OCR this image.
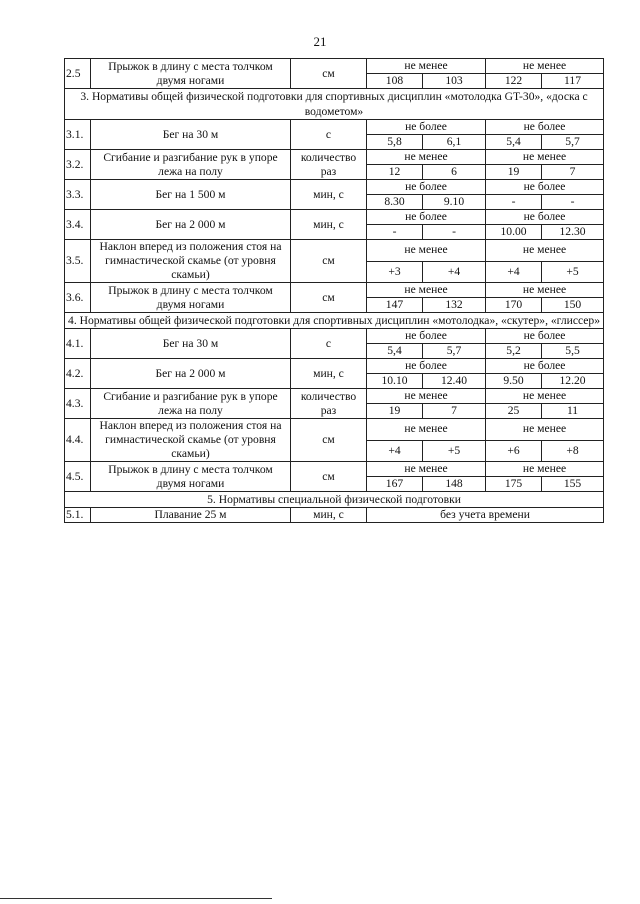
21
2.5	Прыжок в длину с места толчком двумя ногами	см	не менее		не менее	
			108	103	122	117
3. Нормативы общей физической подготовки для спортивных дисциплин «мотолодка GT-30», «доска с водометом»						
3.1.	Бег на 30 м	с	не более		не более	
			5,8	6,1	5,4	5,7
3.2.	Сгибание и разгибание рук в упоре лежа на полу	количество раз	не менее		не менее	
			12	6	19	7
3.3.	Бег на 1 500 м	мин, с	не более		не более	
			8.30	9.10	-	-
3.4.	Бег на 2 000 м	мин, с	не более		не более	
			-	-	10.00	12.30
3.5.	Наклон вперед из положения стоя на гимнастической скамье (от уровня скамьи)	см	не менее		не менее	
			+3	+4	+4	+5
3.6.	Прыжок в длину с места толчком двумя ногами	см	не менее		не менее	
			147	132	170	150
4. Нормативы общей физической подготовки для спортивных дисциплин «мотолодка», «скутер», «глиссер»						
4.1.	Бег на 30 м	с	не более		не более	
			5,4	5,7	5,2	5,5
4.2.	Бег на 2 000 м	мин, с	не более		не более	
			10.10	12.40	9.50	12.20
4.3.	Сгибание и разгибание рук в упоре лежа на полу	количество раз	не менее		не менее	
			19	7	25	11
4.4.	Наклон вперед из положения стоя на гимнастической скамье (от уровня скамьи)	см	не менее		не менее	
			+4	+5	+6	+8
4.5.	Прыжок в длину с места толчком двумя ногами	см	не менее		не менее	
			167	148	175	155
5. Нормативы специальной физической подготовки						
5.1.	Плавание 25 м	мин, с	без учета времени			
